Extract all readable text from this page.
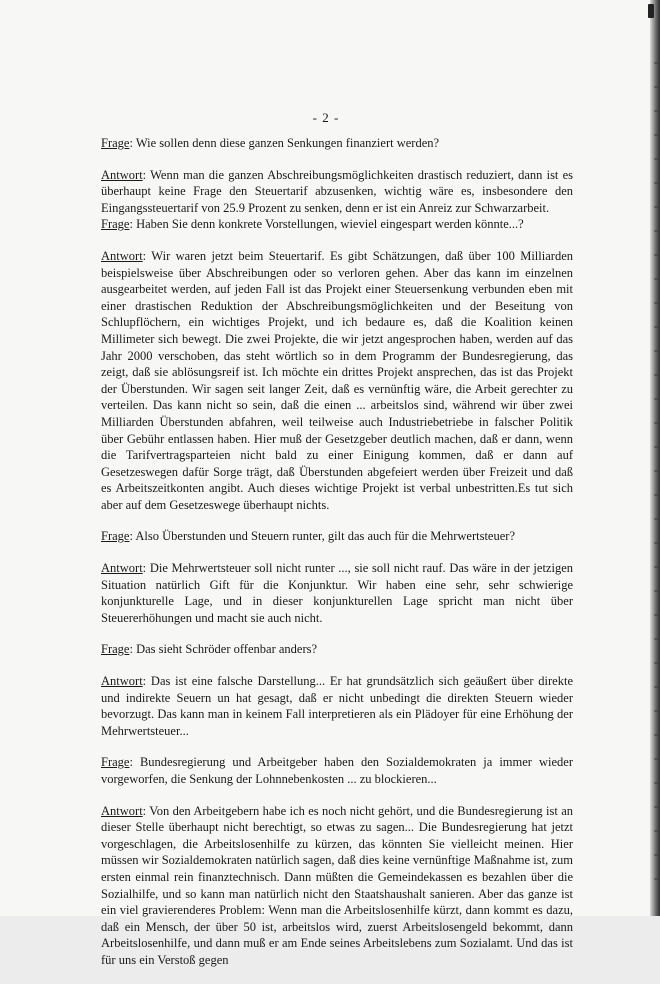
- 2 -

Frage: Wie sollen denn diese ganzen Senkungen finanziert werden?

Antwort: Wenn man die ganzen Abschreibungsmöglichkeiten drastisch reduziert, dann ist es überhaupt keine Frage den Steuertarif abzusenken, wichtig wäre es, insbesondere den Eingangssteuertarif von 25.9 Prozent zu senken, denn er ist ein Anreiz zur Schwarzarbeit.

Frage: Haben Sie denn konkrete Vorstellungen, wieviel eingespart werden könnte...?

Antwort: Wir waren jetzt beim Steuertarif. Es gibt Schätzungen, daß über 100 Milliarden beispielsweise über Abschreibungen oder so verloren gehen. Aber das kann im einzelnen ausgearbeitet werden, auf jeden Fall ist das Projekt einer Steuersenkung verbunden eben mit einer drastischen Reduktion der Abschreibungsmöglichkeiten und der Beseitung von Schlupflöchern, ein wichtiges Projekt, und ich bedaure es, daß die Koalition keinen Millimeter sich bewegt. Die zwei Projekte, die wir jetzt angesprochen haben, werden auf das Jahr 2000 verschoben, das steht wörtlich so in dem Programm der Bundesregierung, das zeigt, daß sie ablösungsreif ist. Ich möchte ein drittes Projekt ansprechen, das ist das Projekt der Überstunden. Wir sagen seit langer Zeit, daß es vernünftig wäre, die Arbeit gerechter zu verteilen. Das kann nicht so sein, daß die einen ... arbeitslos sind, während wir über zwei Milliarden Überstunden abfahren, weil teilweise auch Industriebetriebe in falscher Politik über Gebühr entlassen haben. Hier muß der Gesetzgeber deutlich machen, daß er dann, wenn die Tarifvertragsparteien nicht bald zu einer Einigung kommen, daß er dann auf Gesetzeswegen dafür Sorge trägt, daß Überstunden abgefeiert werden über Freizeit und daß es Arbeitszeitkonten angibt. Auch dieses wichtige Projekt ist verbal unbestritten.Es tut sich aber auf dem Gesetzeswege überhaupt nichts.

Frage: Also Überstunden und Steuern runter, gilt das auch für die Mehrwertsteuer?

Antwort: Die Mehrwertsteuer soll nicht runter ..., sie soll nicht rauf. Das wäre in der jetzigen Situation natürlich Gift für die Konjunktur. Wir haben eine sehr, sehr schwierige konjunkturelle Lage, und in dieser konjunkturellen Lage spricht man nicht über Steuererhöhungen und macht sie auch nicht.

Frage: Das sieht Schröder offenbar anders?

Antwort: Das ist eine falsche Darstellung... Er hat grundsätzlich sich geäußert über direkte und indirekte Seuern un hat gesagt, daß er nicht unbedingt die direkten Steuern wieder bevorzugt. Das kann man in keinem Fall interpretieren als ein Plädoyer für eine Erhöhung der Mehrwertsteuer...

Frage: Bundesregierung und Arbeitgeber haben den Sozialdemokraten ja immer wieder vorgeworfen, die Senkung der Lohnnebenkosten ... zu blockieren...

Antwort: Von den Arbeitgebern habe ich es noch nicht gehört, und die Bundesregierung ist an dieser Stelle überhaupt nicht berechtigt, so etwas zu sagen... Die Bundesregierung hat jetzt vorgeschlagen, die Arbeitslosenhilfe zu kürzen, das könnten Sie vielleicht meinen. Hier müssen wir Sozialdemokraten natürlich sagen, daß dies keine vernünftige Maßnahme ist, zum ersten einmal rein finanztechnisch. Dann müßten die Gemeindekassen es bezahlen über die Sozialhilfe, und so kann man natürlich nicht den Staatshaushalt sanieren. Aber das ganze ist ein viel gravierenderes Problem: Wenn man die Arbeitslosenhilfe kürzt, dann kommt es dazu, daß ein Mensch, der über 50 ist, arbeitslos wird, zuerst Arbeitslosengeld bekommt, dann Arbeitslosenhilfe, und dann muß er am Ende seines Arbeitslebens zum Sozialamt. Und das ist für uns ein Verstoß gegen
